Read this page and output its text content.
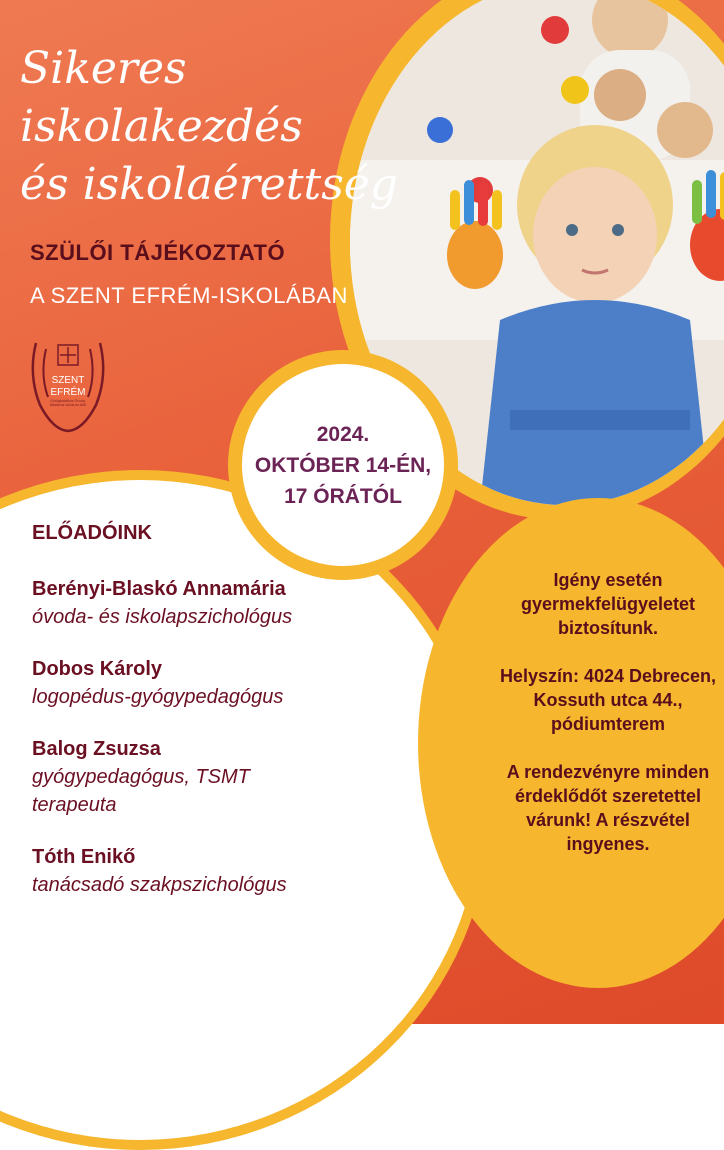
2024.
OKTÓBER 14-ÉN,
17 ÓRÁTÓL
Sikeres
iskolakezdés
és iskolaérettség
SZÜLŐI TÁJÉKOZTATÓ
A SZENT EFRÉM-ISKOLÁBAN
SZENT
EFRÉM
Görögkatolikus Óvoda, Általános Iskola és AMI
ELŐADÓINK
Berényi-Blaskó Annamária
óvoda- és iskolapszichológus
Dobos Károly
logopédus-gyógypedagógus
Balog Zsuzsa
gyógypedagógus, TSMT terapeuta
Tóth Enikő
tanácsadó szakpszichológus

Igény esetén gyermekfelügyeletet biztosítunk.

Helyszín: 4024 Debrecen, Kossuth utca 44., pódiumterem

A rendezvényre minden érdeklődőt szeretettel várunk! A részvétel ingyenes.
